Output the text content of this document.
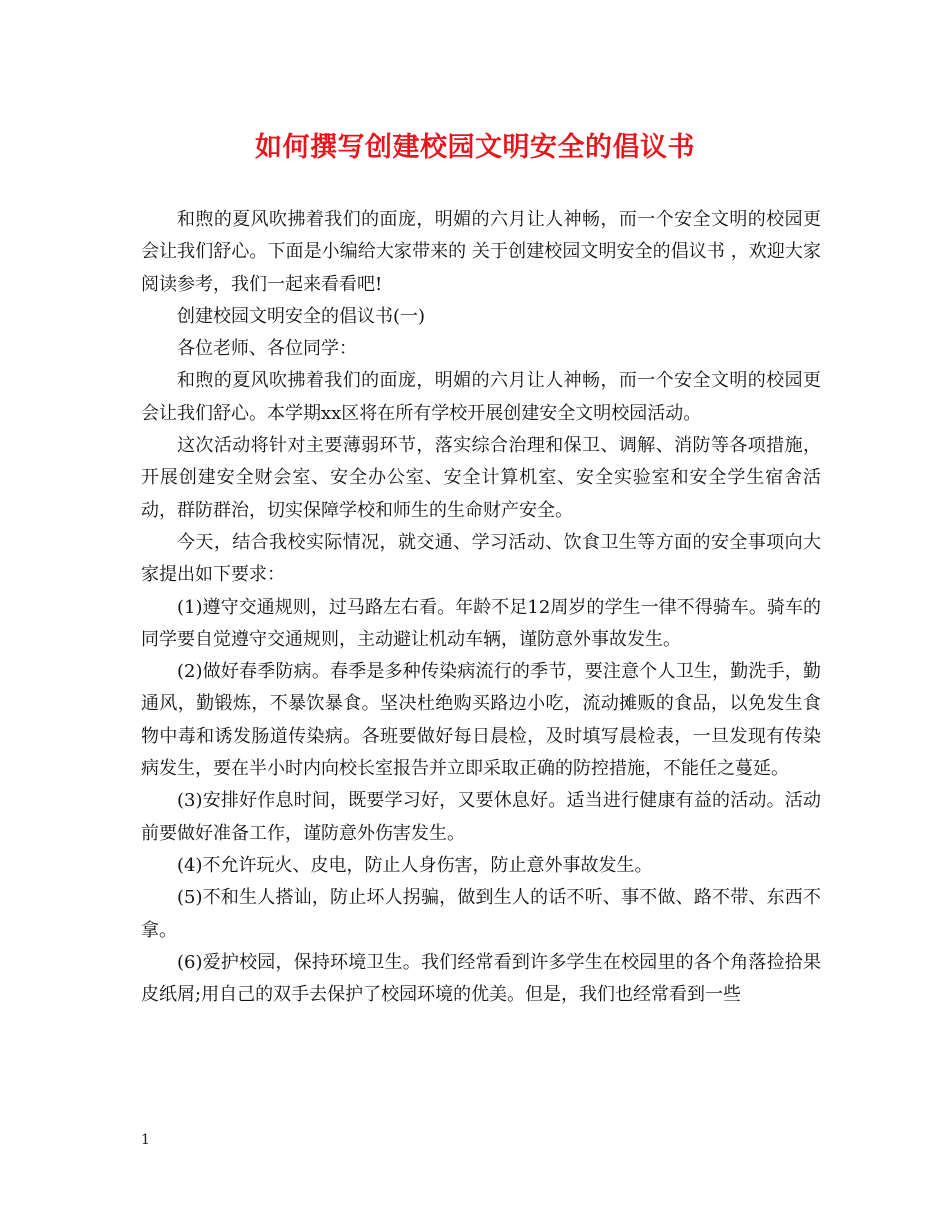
如何撰写创建校园文明安全的倡议书

和煦的夏风吹拂着我们的面庞，明媚的六月让人神畅，而一个安全文明的校园更会让我们舒心。下面是小编给大家带来的 关于创建校园文明安全的倡议书 ，欢迎大家阅读参考，我们一起来看看吧!

创建校园文明安全的倡议书(一)

各位老师、各位同学：

和煦的夏风吹拂着我们的面庞，明媚的六月让人神畅，而一个安全文明的校园更会让我们舒心。本学期xx区将在所有学校开展创建安全文明校园活动。

这次活动将针对主要薄弱环节，落实综合治理和保卫、调解、消防等各项措施，开展创建安全财会室、安全办公室、安全计算机室、安全实验室和安全学生宿舍活动，群防群治，切实保障学校和师生的生命财产安全。

今天，结合我校实际情况，就交通、学习活动、饮食卫生等方面的安全事项向大家提出如下要求：

(1)遵守交通规则，过马路左右看。年龄不足12周岁的学生一律不得骑车。骑车的同学要自觉遵守交通规则，主动避让机动车辆，谨防意外事故发生。

(2)做好春季防病。春季是多种传染病流行的季节，要注意个人卫生，勤洗手，勤通风，勤锻炼，不暴饮暴食。坚决杜绝购买路边小吃，流动摊贩的食品，以免发生食物中毒和诱发肠道传染病。各班要做好每日晨检，及时填写晨检表，一旦发现有传染病发生，要在半小时内向校长室报告并立即采取正确的防控措施，不能任之蔓延。

(3)安排好作息时间，既要学习好，又要休息好。适当进行健康有益的活动。活动前要做好准备工作，谨防意外伤害发生。

(4)不允许玩火、皮电，防止人身伤害，防止意外事故发生。

(5)不和生人搭讪，防止坏人拐骗，做到生人的话不听、事不做、路不带、东西不拿。

(6)爱护校园，保持环境卫生。我们经常看到许多学生在校园里的各个角落捡拾果皮纸屑;用自己的双手去保护了校园环境的优美。但是，我们也经常看到一些

1
